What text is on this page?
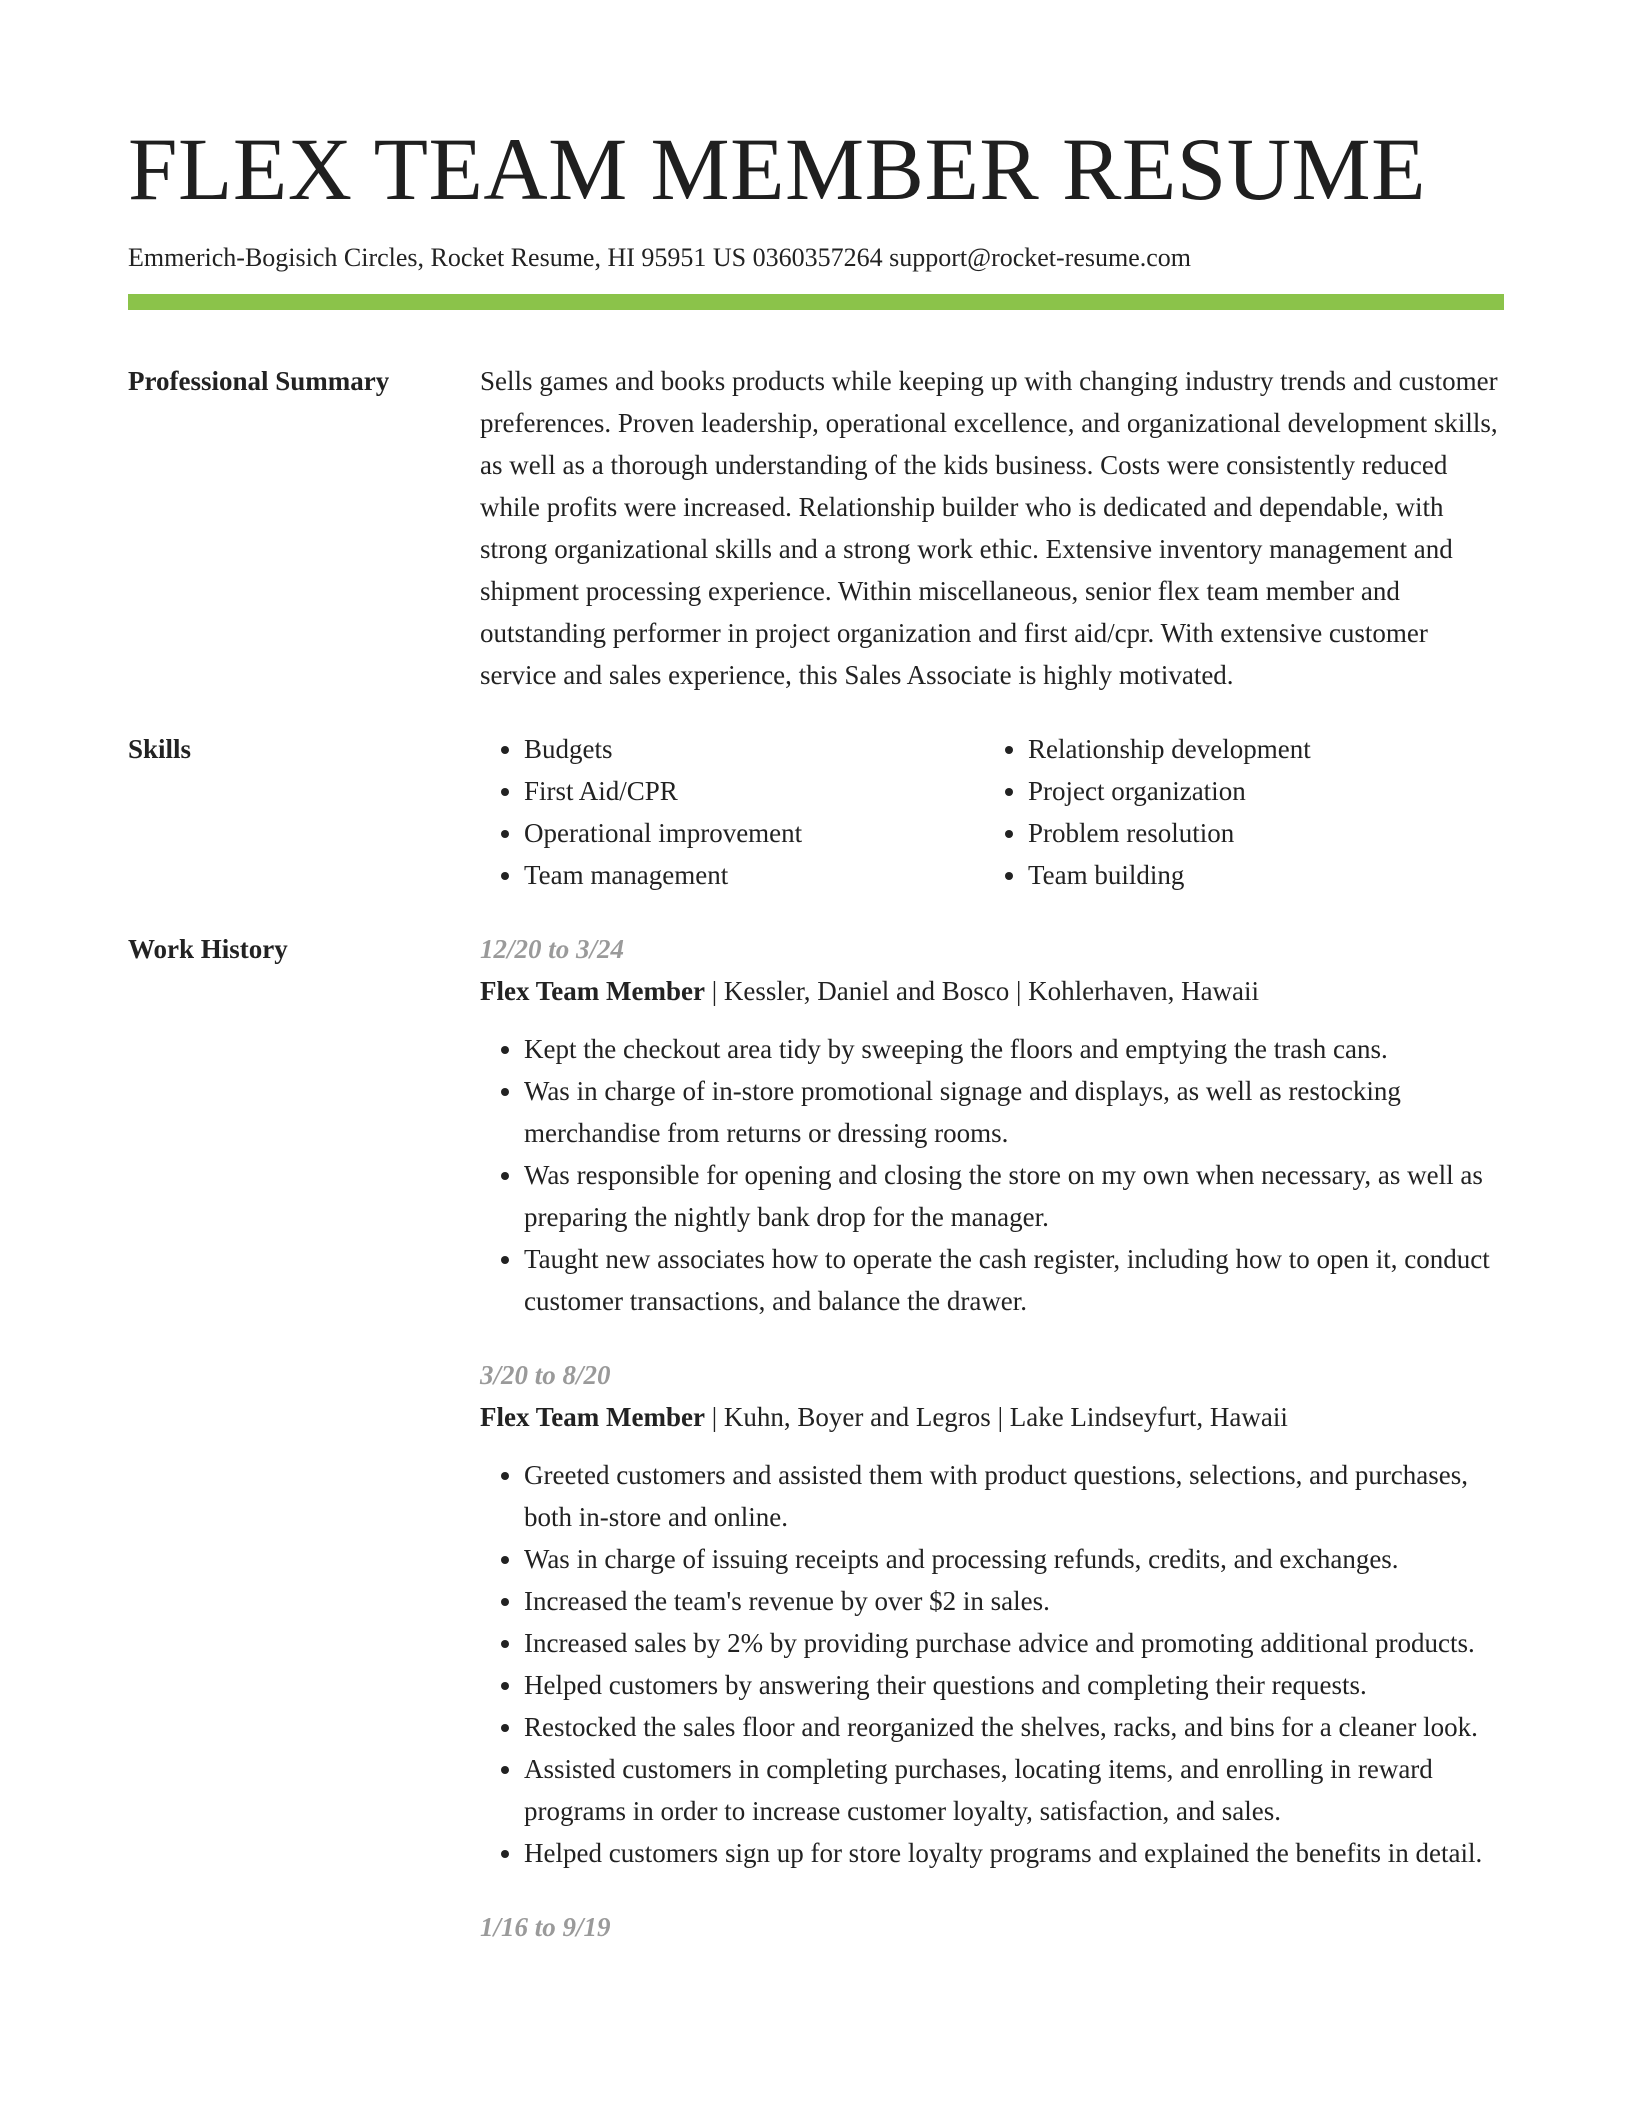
FLEX TEAM MEMBER RESUME
Emmerich-Bogisich Circles, Rocket Resume, HI 95951 US 0360357264 support@rocket-resume.com
Professional Summary	Sells games and books products while keeping up with changing industry trends and customer preferences. Proven leadership, operational excellence, and organizational development skills, as well as a thorough understanding of the kids business. Costs were consistently reduced while profits were increased. Relationship builder who is dedicated and dependable, with strong organizational skills and a strong work ethic. Extensive inventory management and shipment processing experience. Within miscellaneous, senior flex team member and outstanding performer in project organization and first aid/cpr. With extensive customer service and sales experience, this Sales Associate is highly motivated.
Skills
•	Budgets
• First Aid/CPR
• Operational improvement
• Team management
• Relationship development
• Project organization
• Problem resolution
• Team building
Work History	12/20 to 3/24
Flex Team Member | Kessler, Daniel and Bosco | Kohlerhaven, Hawaii
• Kept the checkout area tidy by sweeping the floors and emptying the trash cans.
• Was in charge of in-store promotional signage and displays, as well as restocking merchandise from returns or dressing rooms.
• Was responsible for opening and closing the store on my own when necessary, as well as preparing the nightly bank drop for the manager.
• Taught new associates how to operate the cash register, including how to open it, conduct customer transactions, and balance the drawer.
3/20 to 8/20
Flex Team Member | Kuhn, Boyer and Legros | Lake Lindseyfurt, Hawaii
• Greeted customers and assisted them with product questions, selections, and purchases, both in-store and online.
• Was in charge of issuing receipts and processing refunds, credits, and exchanges.
• Increased the team's revenue by over $2 in sales.
• Increased sales by 2% by providing purchase advice and promoting additional products.
• Helped customers by answering their questions and completing their requests.
• Restocked the sales floor and reorganized the shelves, racks, and bins for a cleaner look.
• Assisted customers in completing purchases, locating items, and enrolling in reward programs in order to increase customer loyalty, satisfaction, and sales.
• Helped customers sign up for store loyalty programs and explained the benefits in detail.
1/16 to 9/19
